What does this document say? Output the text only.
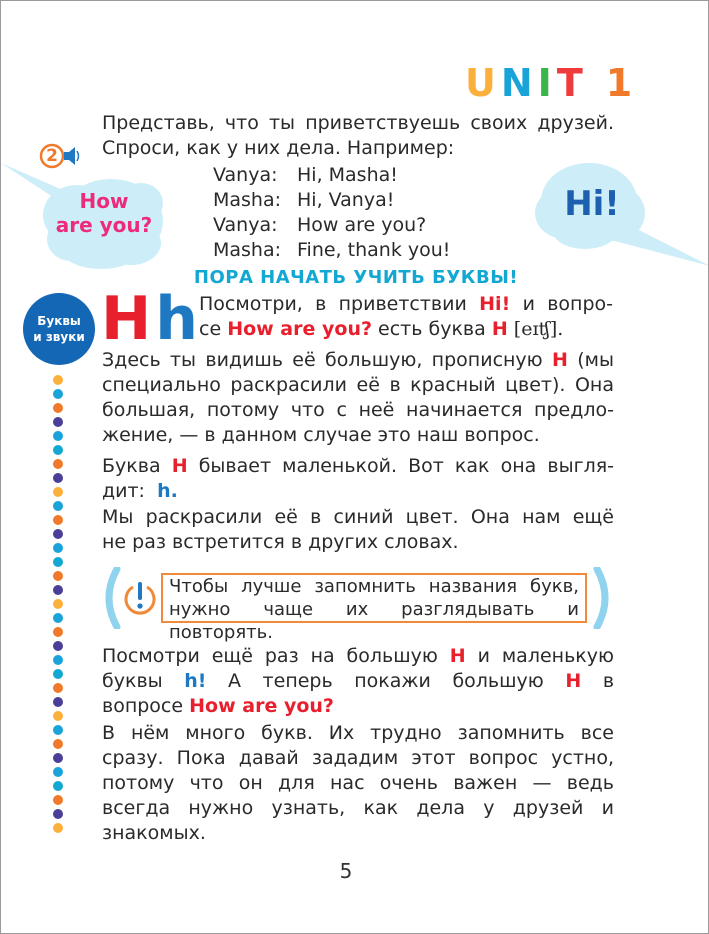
UNIT 1

Представь, что ты приветствуешь своих друзей.

Спроси, как у них дела. Например:

2
How
are you?
Hi!
Vanya: Hi, Masha!
Masha: Hi, Vanya!
Vanya: How are you?
Masha: Fine, thank you!
ПОРА НАЧАТЬ УЧИТЬ БУКВЫ!
Буквы
и звуки Hh Посмотри, в приветствии Hi! и вопро-

се How are you? есть буква H [eɪʧ].

Здесь ты видишь её большую, прописную H (мы

специально раскрасили её в красный цвет). Она

большая, потому что с неё начинается предло-

жение, — в данном случае это наш вопрос.

Буква H бывает маленькой. Вот как она выгля-

дит: h.

Мы раскрасили её в синий цвет. Она нам ещё

не раз встретится в других словах.

Чтобы лучше запомнить названия букв,

нужно чаще их разглядывать и повторять.

Посмотри ещё раз на большую H и маленькую

буквы h! А теперь покажи большую H в

вопросе How are you?

В нём много букв. Их трудно запомнить все

сразу. Пока давай зададим этот вопрос устно,

потому что он для нас очень важен — ведь

всегда нужно узнать, как дела у друзей и

знакомых.

5
